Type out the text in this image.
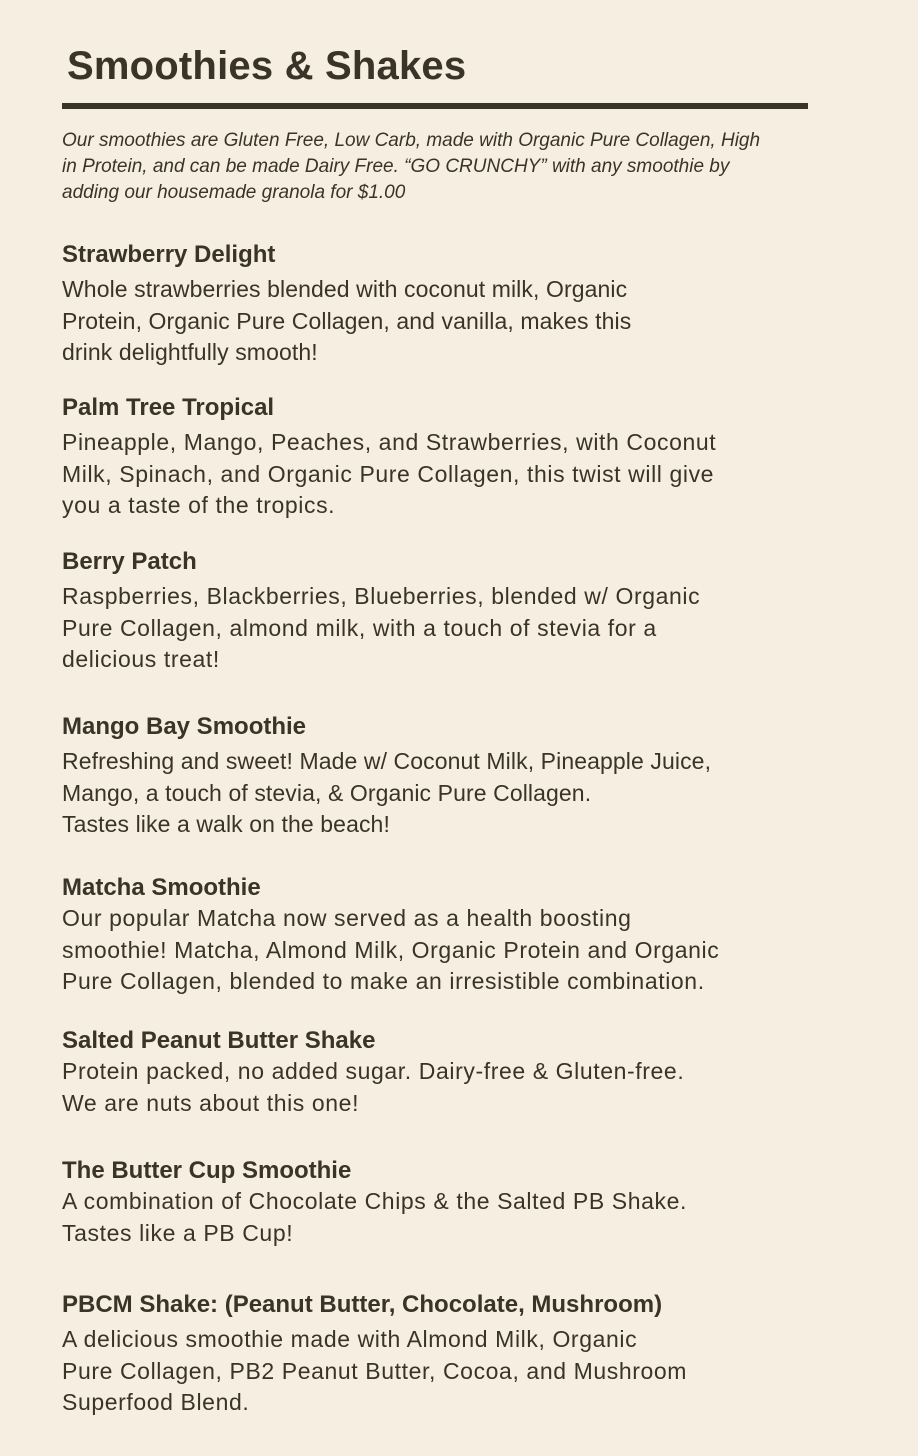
Smoothies & Shakes

Our smoothies are Gluten Free, Low Carb, made with Organic Pure Collagen, High in Protein, and can be made Dairy Free. “GO CRUNCHY” with any smoothie by adding our housemade granola for $1.00

Strawberry Delight

Whole strawberries blended with coconut milk, Organic
Protein, Organic Pure Collagen, and vanilla, makes this
drink delightfully smooth!

Palm Tree Tropical

Pineapple, Mango, Peaches, and Strawberries, with Coconut
Milk, Spinach, and Organic Pure Collagen, this twist will give
you a taste of the tropics.

Berry Patch

Raspberries, Blackberries, Blueberries, blended w/ Organic
Pure Collagen, almond milk, with a touch of stevia for a
delicious treat!

Mango Bay Smoothie

Refreshing and sweet! Made w/ Coconut Milk, Pineapple Juice,
Mango, a touch of stevia, & Organic Pure Collagen.
Tastes like a walk on the beach!

Matcha Smoothie

Our popular Matcha now served as a health boosting
smoothie! Matcha, Almond Milk, Organic Protein and Organic
Pure Collagen, blended to make an irresistible combination.

Salted Peanut Butter Shake

Protein packed, no added sugar. Dairy-free & Gluten-free.
We are nuts about this one!

The Butter Cup Smoothie

A combination of Chocolate Chips & the Salted PB Shake.
Tastes like a PB Cup!

PBCM Shake: (Peanut Butter, Chocolate, Mushroom)

A delicious smoothie made with Almond Milk, Organic
Pure Collagen, PB2 Peanut Butter, Cocoa, and Mushroom
Superfood Blend.
